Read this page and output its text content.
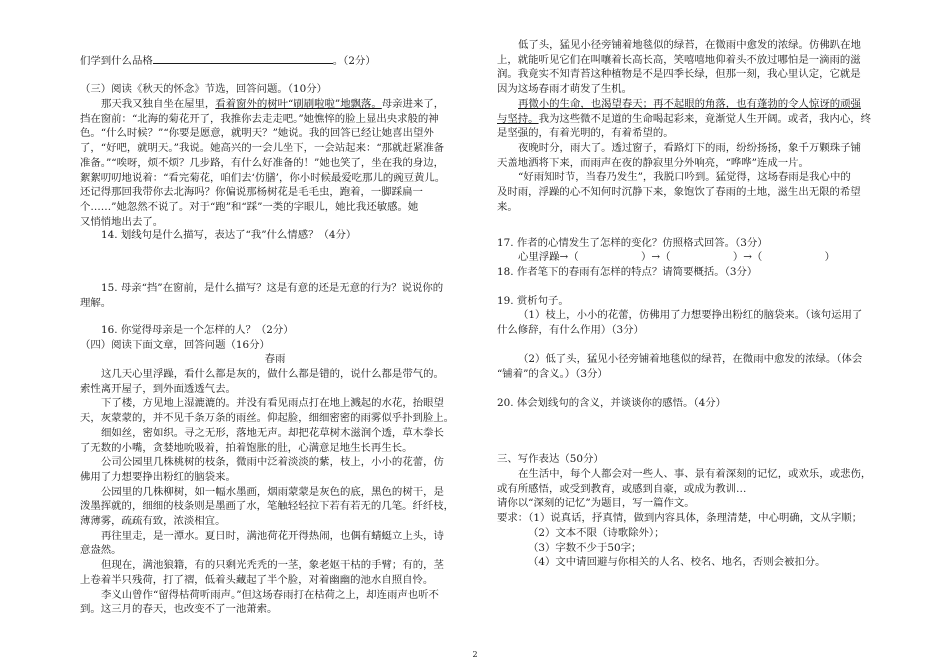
们学到什么品格	。（2分）

（三）阅读《秋天的怀念》节选，回答问题。（10分）

那天我又独自坐在屋里，看着窗外的树叶“刷刷啦啦”地飘落。母亲进来了，
挡在窗前：“北海的菊花开了，我推你去走走吧。”她憔悴的脸上显出央求般的神
色。“什么时候？”“你要是愿意，就明天？”她说。我的回答已经让她喜出望外
了，“好吧，就明天。”我说。她高兴的一会儿坐下，一会站起来：“那就赶紧准备
准备。”“唉呀，烦不烦？几步路，有什么好准备的！”她也笑了，坐在我的身边，
絮絮叨叨地说着：“看完菊花，咱们去‘仿膳’，你小时候最爱吃那儿的豌豆黄儿。
还记得那回我带你去北海吗？你偏说那杨树花是毛毛虫，跑着，一脚踩扁一
个……”她忽然不说了。对于“跑”和“踩”一类的字眼儿，她比我还敏感。她
又悄悄地出去了。

14. 划线句是什么描写，表达了“我”什么情感？（4分）

15. 母亲“挡”在窗前，是什么描写？这是有意的还是无意的行为？说说你的

理解。

16. 你觉得母亲是一个怎样的人？（2分）

（四）阅读下面文章，回答问题（16分）

春雨

这几天心里浮躁，看什么都是灰的，做什么都是错的，说什么都是带气的。
索性离开屋子，到外面透透气去。
下了楼，方见地上湿漉漉的。并没有看见雨点打在地上溅起的水花，抬眼望
天，灰蒙蒙的，并不见千条万条的雨丝。仰起脸，细细密密的雨雾似乎扑到脸上。
细如丝，密如织。寻之无形，落地无声。却把花草树木滋润个透，草木拳长
了无数的小嘴，贪婪地吮吸着，拍着饱胀的肚，心满意足地生长再生长。
公司公园里几株桃树的枝条，微雨中泛着淡淡的紫，枝上，小小的花蕾，仿
佛用了力想要挣出粉红的脑袋来。
公园里的几株柳树，如一幅水墨画，烟雨蒙蒙是灰色的底，黑色的树干，是
泼墨挥就的，细细的枝条则是墨画了水，笔触轻轻拉下若有若无的几笔。纤纤枝，
薄薄雾，疏疏有致，浓淡相宜。
再往里走，是一潭水。夏日时，满池荷花开得热闹，也偶有蜻蜓立上头，诗
意盎然。
但现在，满池狼籍，有的只剩光秃秃的一茎，象老妪干枯的手臂；有的，茎
上卷着半只残荷，打了褶，低着头藏起了半个脸，对着幽幽的池水自照自怜。
李义山曾作“留得枯荷听雨声。”但这场春雨打在枯荷之上，却连雨声也听不
到。这三月的春天，也改变不了一池萧索。
低了头，猛见小径旁铺着地毯似的绿苔，在微雨中愈发的浓绿。仿佛趴在地
上，就能听见它们在叫嚷着长高长高，笑嘻嘻地仰着头不放过哪怕是一滴雨的滋
润。我竟实不知青苔这种植物是不是四季长绿，但那一刻，我心里认定，它就是
因为这场春雨才萌发了生机。
再微小的生命，也渴望春天；再不起眼的角落，也有蓬勃的令人惊讶的顽强
与坚持。我为这些微不足道的生命喝起彩来，竟渐觉人生开阔。或者，我内心，终
是坚强的，有着光明的，有着希望的。
夜晚时分，雨大了。透过窗子，看路灯下的雨，纷纷扬扬，象千万颗珠子铺
天盖地洒将下来，而雨声在夜的静寂里分外响亮，“哗哗”连成一片。
“好雨知时节，当春乃发生”，我脱口吟到。猛觉得，这场春雨是我心中的
及时雨，浮躁的心不知何时沉静下来，象饱饮了春雨的土地，滋生出无限的希望
来。

17. 作者的心情发生了怎样的变化？仿照格式回答。（3分）

心里浮躁→（　　　　　　）→（　　　　　　）→（　　　　　　）

18. 作者笔下的春雨有怎样的特点？请简要概括。（3分）

19. 赏析句子。

（1）枝上，小小的花蕾，仿佛用了力想要挣出粉红的脑袋来。（该句运用了

什么修辞，有什么作用）（3分）

（2）低了头，猛见小径旁铺着地毯似的绿苔，在微雨中愈发的浓绿。（体会

“铺着”的含义。）（3分）

20. 体会划线句的含义，并谈谈你的感悟。（4分）

三、写作表达（50分）

在生活中，每个人都会对一些人、事、景有着深刻的记忆，或欢乐，或悲伤，
或有所感悟，或受到教育，或感到自豪，或成为教训…
请你以“深刻的记忆”为题目，写一篇作文。
要求：（1）说真话，抒真情，做到内容具体，条理清楚，中心明确，文从字顺；
（2）文本不限（诗歌除外）；
（3）字数不少于50字；
（4）文中请回避与你相关的人名、校名、地名，否则会被扣分。
2
